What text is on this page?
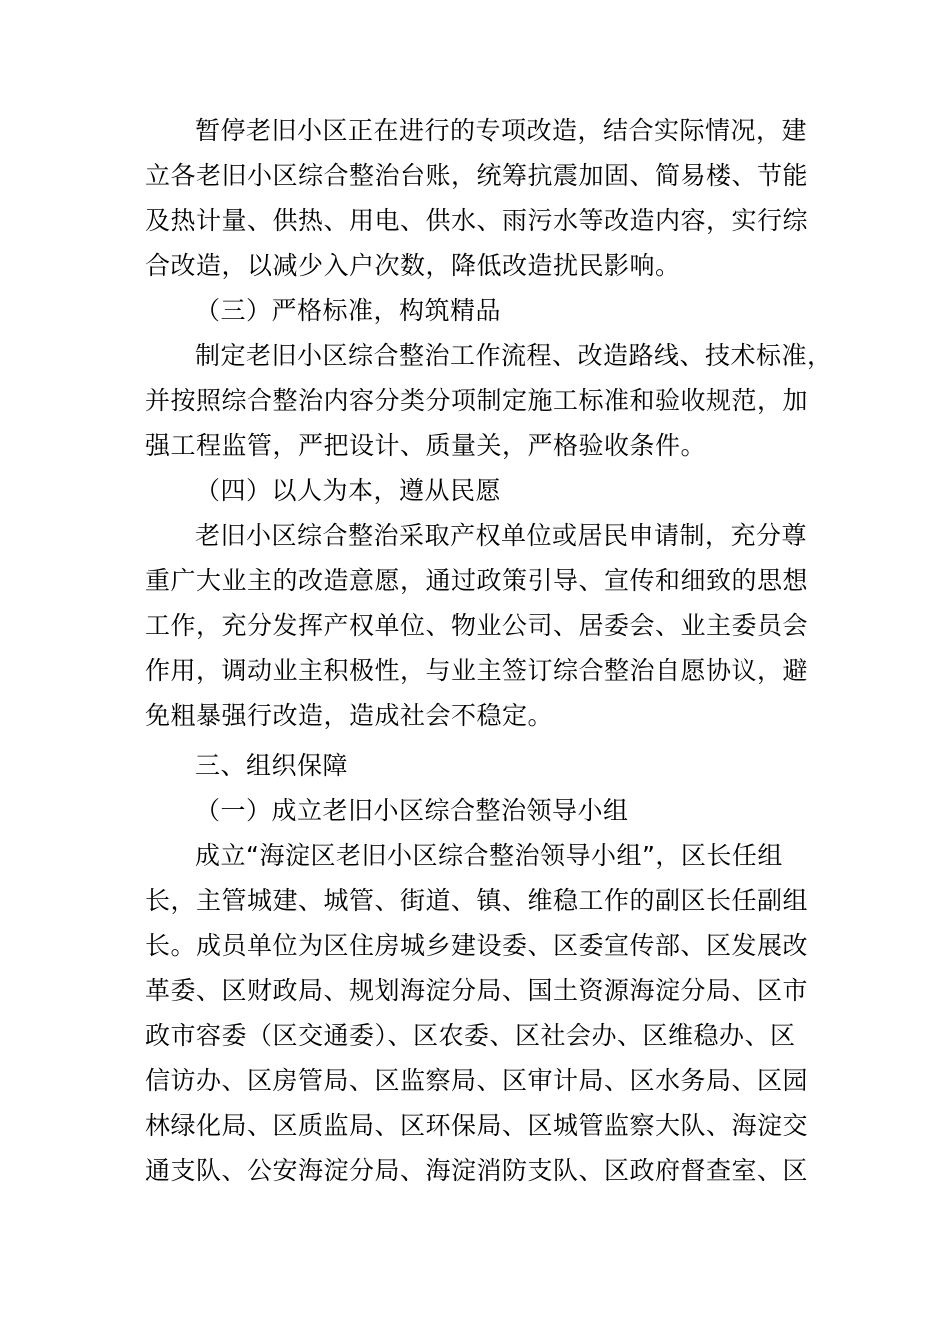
暂停老旧小区正在进行的专项改造，结合实际情况，建
立各老旧小区综合整治台账，统筹抗震加固、简易楼、节能
及热计量、供热、用电、供水、雨污水等改造内容，实行综
合改造，以减少入户次数，降低改造扰民影响。
（三）严格标准，构筑精品
制定老旧小区综合整治工作流程、改造路线、技术标准，
并按照综合整治内容分类分项制定施工标准和验收规范，加
强工程监管，严把设计、质量关，严格验收条件。
（四）以人为本，遵从民愿
老旧小区综合整治采取产权单位或居民申请制，充分尊
重广大业主的改造意愿，通过政策引导、宣传和细致的思想
工作，充分发挥产权单位、物业公司、居委会、业主委员会
作用，调动业主积极性，与业主签订综合整治自愿协议，避
免粗暴强行改造，造成社会不稳定。
三、组织保障
（一）成立老旧小区综合整治领导小组
成立“海淀区老旧小区综合整治领导小组”，区长任组
长，主管城建、城管、街道、镇、维稳工作的副区长任副组
长。成员单位为区住房城乡建设委、区委宣传部、区发展改
革委、区财政局、规划海淀分局、国土资源海淀分局、区市
政市容委（区交通委）、区农委、区社会办、区维稳办、区
信访办、区房管局、区监察局、区审计局、区水务局、区园
林绿化局、区质监局、区环保局、区城管监察大队、海淀交
通支队、公安海淀分局、海淀消防支队、区政府督查室、区
